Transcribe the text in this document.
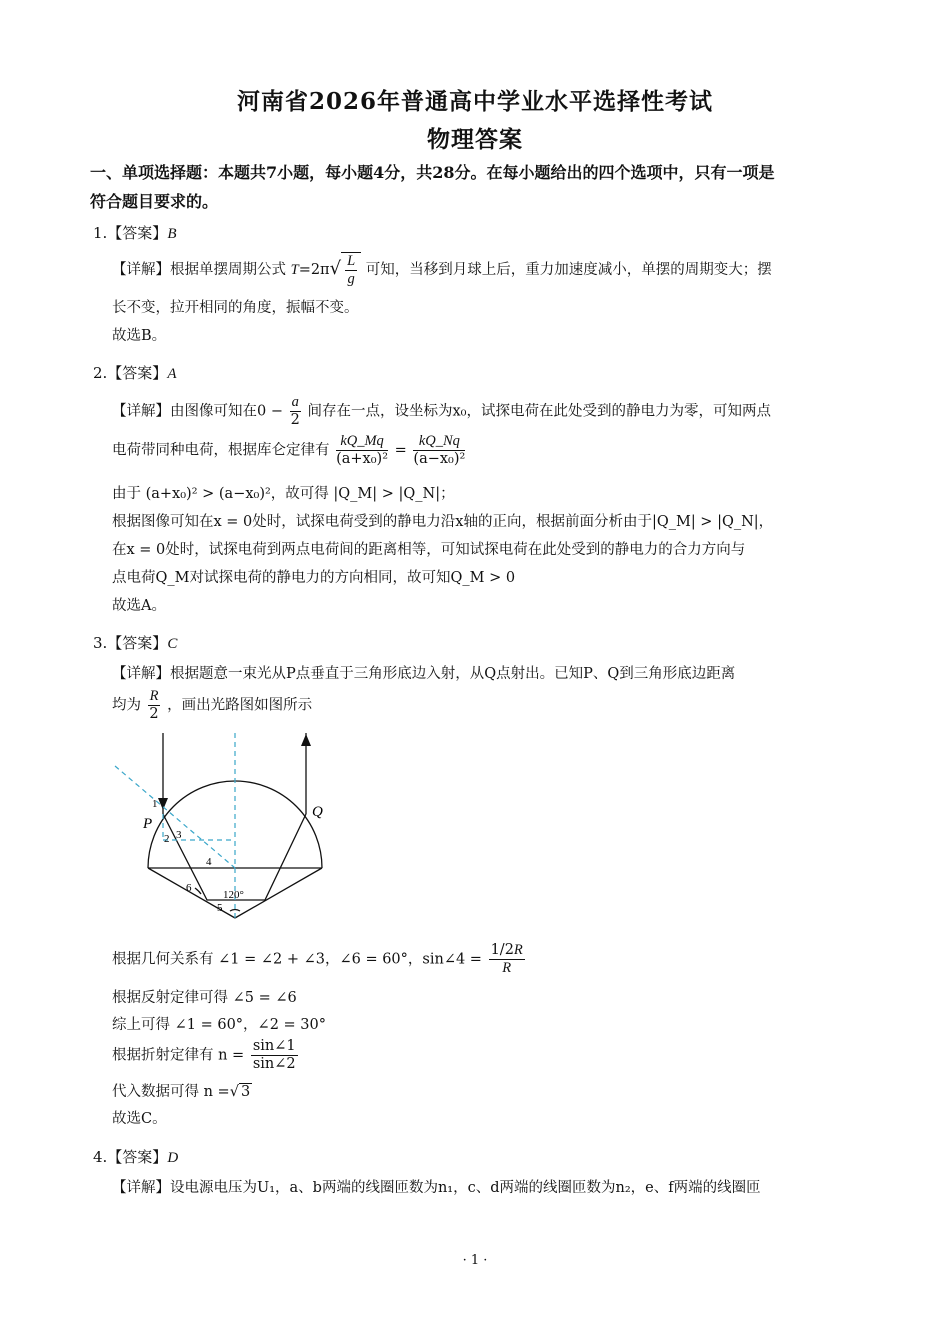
河南省2026年普通高中学业水平选择性考试
物理答案
一、单项选择题：本题共7小题，每小题4分，共28分。在每小题给出的四个选项中，只有一项是
符合题目要求的。
1.【答案】B
【详解】根据单摆周期公式 $T=2\pi√ \frac{L}{g}$ 可知，当移到月球上后，重力加速度减小，单摆的周期变大；摆
长不变，拉开相同的角度，振幅不变。
故选B。
2.【答案】A
【详解】由图像可知在$0 - \frac{a}{2}$ 间存在一点，设坐标为x₀，试探电荷在此处受到的静电力为零，可知两点
电荷带同种电荷，根据库仑定律有 $\frac{kQ\_Mq}{\text{(a+x₀)²}} = \frac{kQ\_Nq}{\text{(a−x₀)²}}$
由于 (a+x₀)² > (a−x₀)²，故可得 |Q_M| > |Q_N|；
根据图像可知在x = 0处时，试探电荷受到的静电力沿x轴的正向，根据前面分析由于|Q_M| > |Q_N|，
在x = 0处时，试探电荷到两点电荷间的距离相等，可知试探电荷在此处受到的静电力的合力方向与
点电荷Q_M对试探电荷的静电力的方向相同，故可知Q_M > 0
故选A。
3.【答案】C
【详解】根据题意一束光从P点垂直于三角形底边入射，从Q点射出。已知P、Q到三角形底边距离
均为 $\frac{R}{2}$ ，画出光路图如图所示
P
Q
1
2 3
4
6
5
120°
根据几何关系有 ∠1 = ∠2 + ∠3，∠6 = 60°，sin∠4 = $\frac{1/2R}{R}$
根据反射定律可得 ∠5 = ∠6
综上可得 ∠1 = 60°，∠2 = 30°
根据折射定律有 $n = \frac{\sin\angle 1}{\sin\angle 2}$
代入数据可得 n =√ 3
故选C。
4.【答案】D
【详解】设电源电压为U₁，a、b两端的线圈匝数为n₁，c、d两端的线圈匝数为n₂，e、f两端的线圈匝
· 1 ·
